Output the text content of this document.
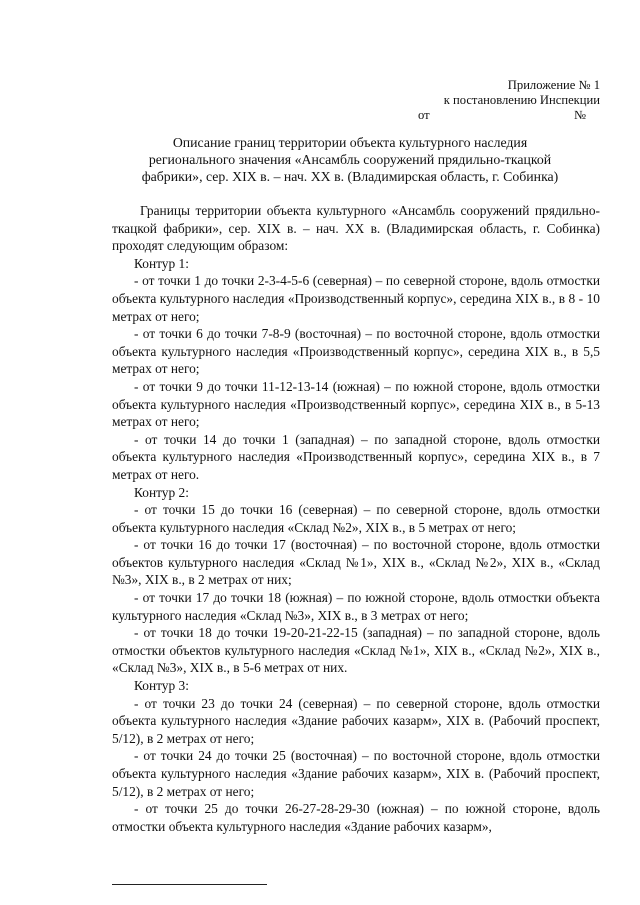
Приложение № 1
к постановлению Инспекции
от	№
Описание границ территории объекта культурного наследия
регионального значения «Ансамбль сооружений прядильно-ткацкой
фабрики», сер. XIX в. – нач. XX в. (Владимирская область, г. Собинка)

Границы территории объекта культурного «Ансамбль сооружений прядильно-ткацкой фабрики», сер. XIX в. – нач. XX в. (Владимирская область, г. Собинка) проходят следующим образом:

Контур 1:

- от точки 1 до точки 2-3-4-5-6 (северная) – по северной стороне, вдоль отмостки объекта культурного наследия «Производственный корпус», середина XIX в., в 8 - 10 метрах от него;

- от точки 6 до точки 7-8-9 (восточная) – по восточной стороне, вдоль отмостки объекта культурного наследия «Производственный корпус», середина XIX в., в 5,5 метрах от него;

- от точки 9 до точки 11-12-13-14 (южная) – по южной стороне, вдоль отмостки объекта культурного наследия «Производственный корпус», середина XIX в., в 5-13 метрах от него;

- от точки 14 до точки 1 (западная) – по западной стороне, вдоль отмостки объекта культурного наследия «Производственный корпус», середина XIX в., в 7 метрах от него.

Контур 2:

- от точки 15 до точки 16 (северная) – по северной стороне, вдоль отмостки объекта культурного наследия «Склад №2», XIX в., в 5 метрах от него;

- от точки 16 до точки 17 (восточная) – по восточной стороне, вдоль отмостки объектов культурного наследия «Склад №1», XIX в., «Склад №2», XIX в., «Склад №3», XIX в., в 2 метрах от них;

- от точки 17 до точки 18 (южная) – по южной стороне, вдоль отмостки объекта культурного наследия «Склад №3», XIX в., в 3 метрах от него;

- от точки 18 до точки 19-20-21-22-15 (западная) – по западной стороне, вдоль отмостки объектов культурного наследия «Склад №1», XIX в., «Склад №2», XIX в., «Склад №3», XIX в., в 5-6 метрах от них.

Контур 3:

- от точки 23 до точки 24 (северная) – по северной стороне, вдоль отмостки объекта культурного наследия «Здание рабочих казарм», XIX в. (Рабочий проспект, 5/12), в 2 метрах от него;

- от точки 24 до точки 25 (восточная) – по восточной стороне, вдоль отмостки объекта культурного наследия «Здание рабочих казарм», XIX в. (Рабочий проспект, 5/12), в 2 метрах от него;

- от точки 25 до точки 26-27-28-29-30 (южная) – по южной стороне, вдоль отмостки объекта культурного наследия «Здание рабочих казарм»,
